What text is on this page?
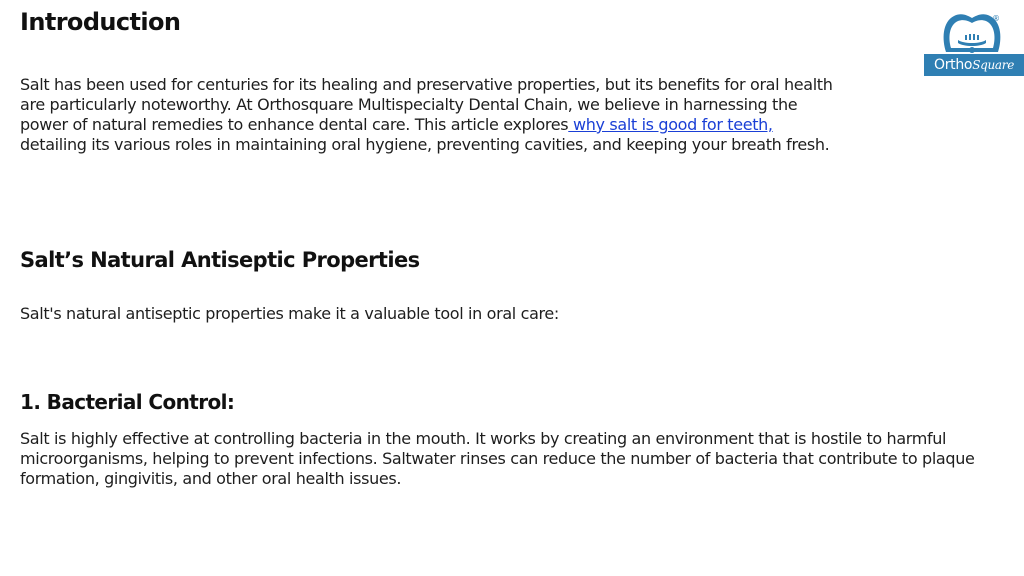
Introduction

Salt has been used for centuries for its healing and preservative properties, but its benefits for oral health are particularly noteworthy. At Orthosquare Multispecialty Dental Chain, we believe in harnessing the power of natural remedies to enhance dental care. This article explores why salt is good for teeth, detailing its various roles in maintaining oral hygiene, preventing cavities, and keeping your breath fresh.

Salt’s Natural Antiseptic Properties

Salt's natural antiseptic properties make it a valuable tool in oral care:

1. Bacterial Control:

Salt is highly effective at controlling bacteria in the mouth. It works by creating an environment that is hostile to harmful microorganisms, helping to prevent infections. Saltwater rinses can reduce the number of bacteria that contribute to plaque formation, gingivitis, and other oral health issues.

®
OrthoSquare
